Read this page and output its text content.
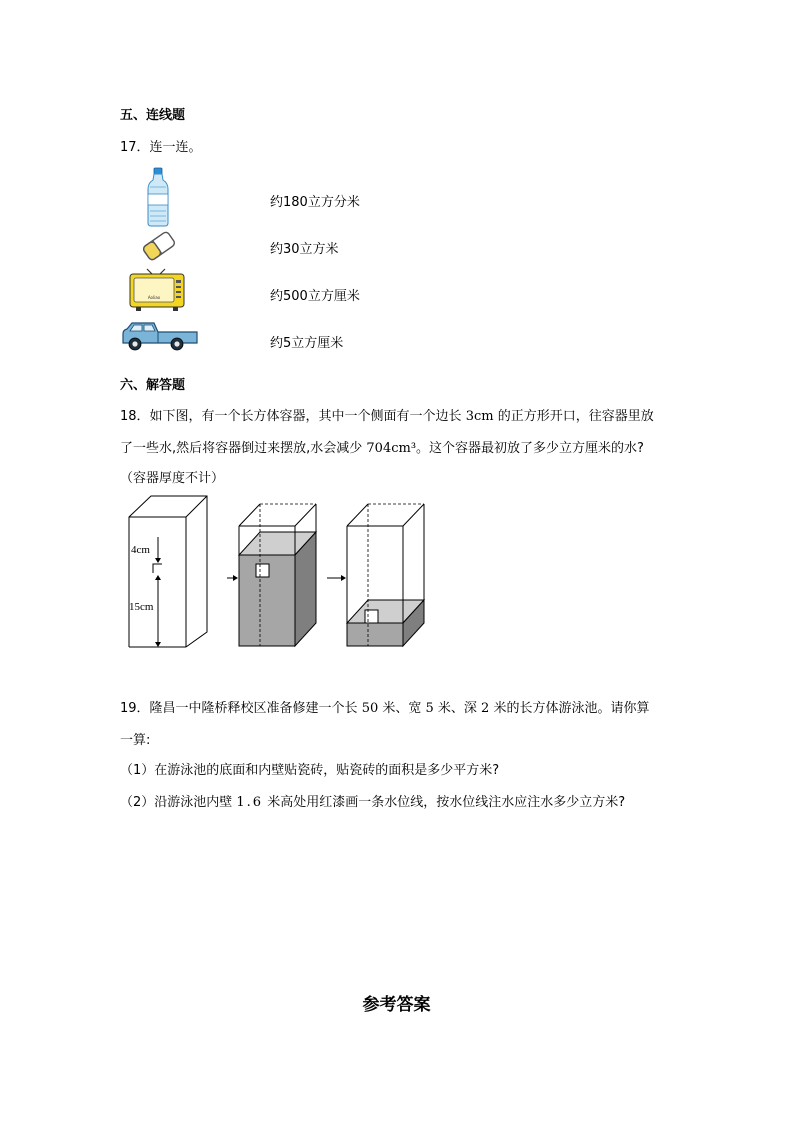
五、连线题
17．连一连。
Aoliao
约180立方分米
约30立方米
约500立方厘米
约5立方厘米
六、解答题
18．如下图，有一个长方体容器，其中一个侧面有一个边长 3cm 的正方形开口，往容器里放
了一些水,然后将容器倒过来摆放,水会减少 704cm³。这个容器最初放了多少立方厘米的水?
（容器厚度不计）
4cm
15cm
19．隆昌一中隆桥释校区准备修建一个长 50 米、宽 5 米、深 2 米的长方体游泳池。请你算
一算:
（1）在游泳池的底面和内壁贴瓷砖，贴瓷砖的面积是多少平方米?
（2）沿游泳池内壁 1.6 米高处用红漆画一条水位线，按水位线注水应注水多少立方米?
参考答案
